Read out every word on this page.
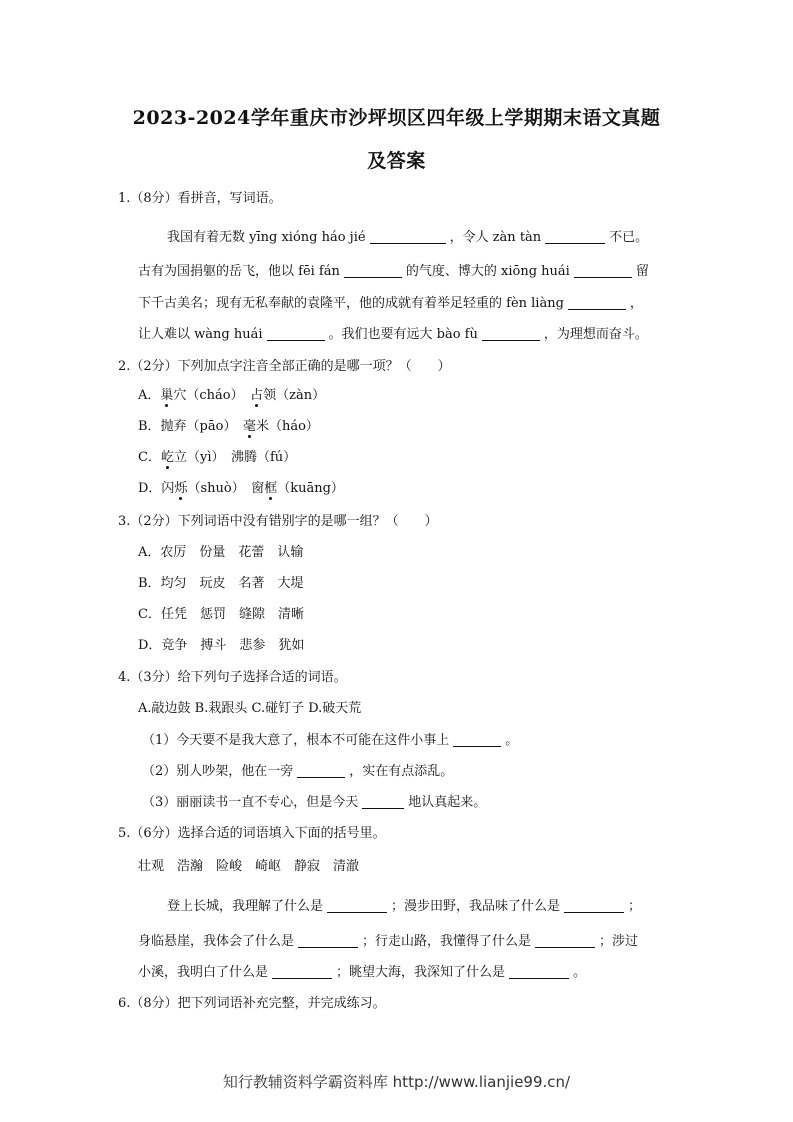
2023-2024学年重庆市沙坪坝区四年级上学期期末语文真题
及答案
1.（8分）看拼音，写词语。
我国有着无数 yīng xióng háo jié	，令人 zàn tàn	不已。
古有为国捐躯的岳飞，他以 fēi fán	的气度、博大的 xiōng huái	留
下千古美名；现有无私奉献的袁隆平，他的成就有着举足轻重的 fèn liàng	，
让人难以 wàng huái	。我们也要有远大 bào fù	，为理想而奋斗。
2.（2分）下列加点字注音全部正确的是哪一项？（　　）
A．巢穴（cháo）　占领（zàn）
B．抛弃（pāo）　毫米（háo）
C．屹立（yì）　沸腾（fú）
D．闪烁（shuò）　窗框（kuāng）
3.（2分）下列词语中没有错别字的是哪一组？（　　）
A．农厉　份量　花蕾　认输
B．均匀　玩皮　名著　大堤
C．任凭　惩罚　缝隙　清晰
D．竞争　搏斗　悲参　犹如
4.（3分）给下列句子选择合适的词语。
A.敲边鼓 B.栽跟头 C.碰钉子 D.破天荒
（1）今天要不是我大意了，根本不可能在这件小事上	。
（2）别人吵架，他在一旁	，实在有点添乱。
（3）丽丽读书一直不专心，但是今天	地认真起来。
5.（6分）选择合适的词语填入下面的括号里。
壮观　浩瀚　险峻　崎岖　静寂　清澈
登上长城，我理解了什么是	；漫步田野，我品味了什么是	；
身临悬崖，我体会了什么是	；行走山路，我懂得了什么是	；涉过
小溪，我明白了什么是	；眺望大海，我深知了什么是	。
6.（8分）把下列词语补充完整，并完成练习。
知行教辅资料学霸资料库 http://www.lianjie99.cn/
